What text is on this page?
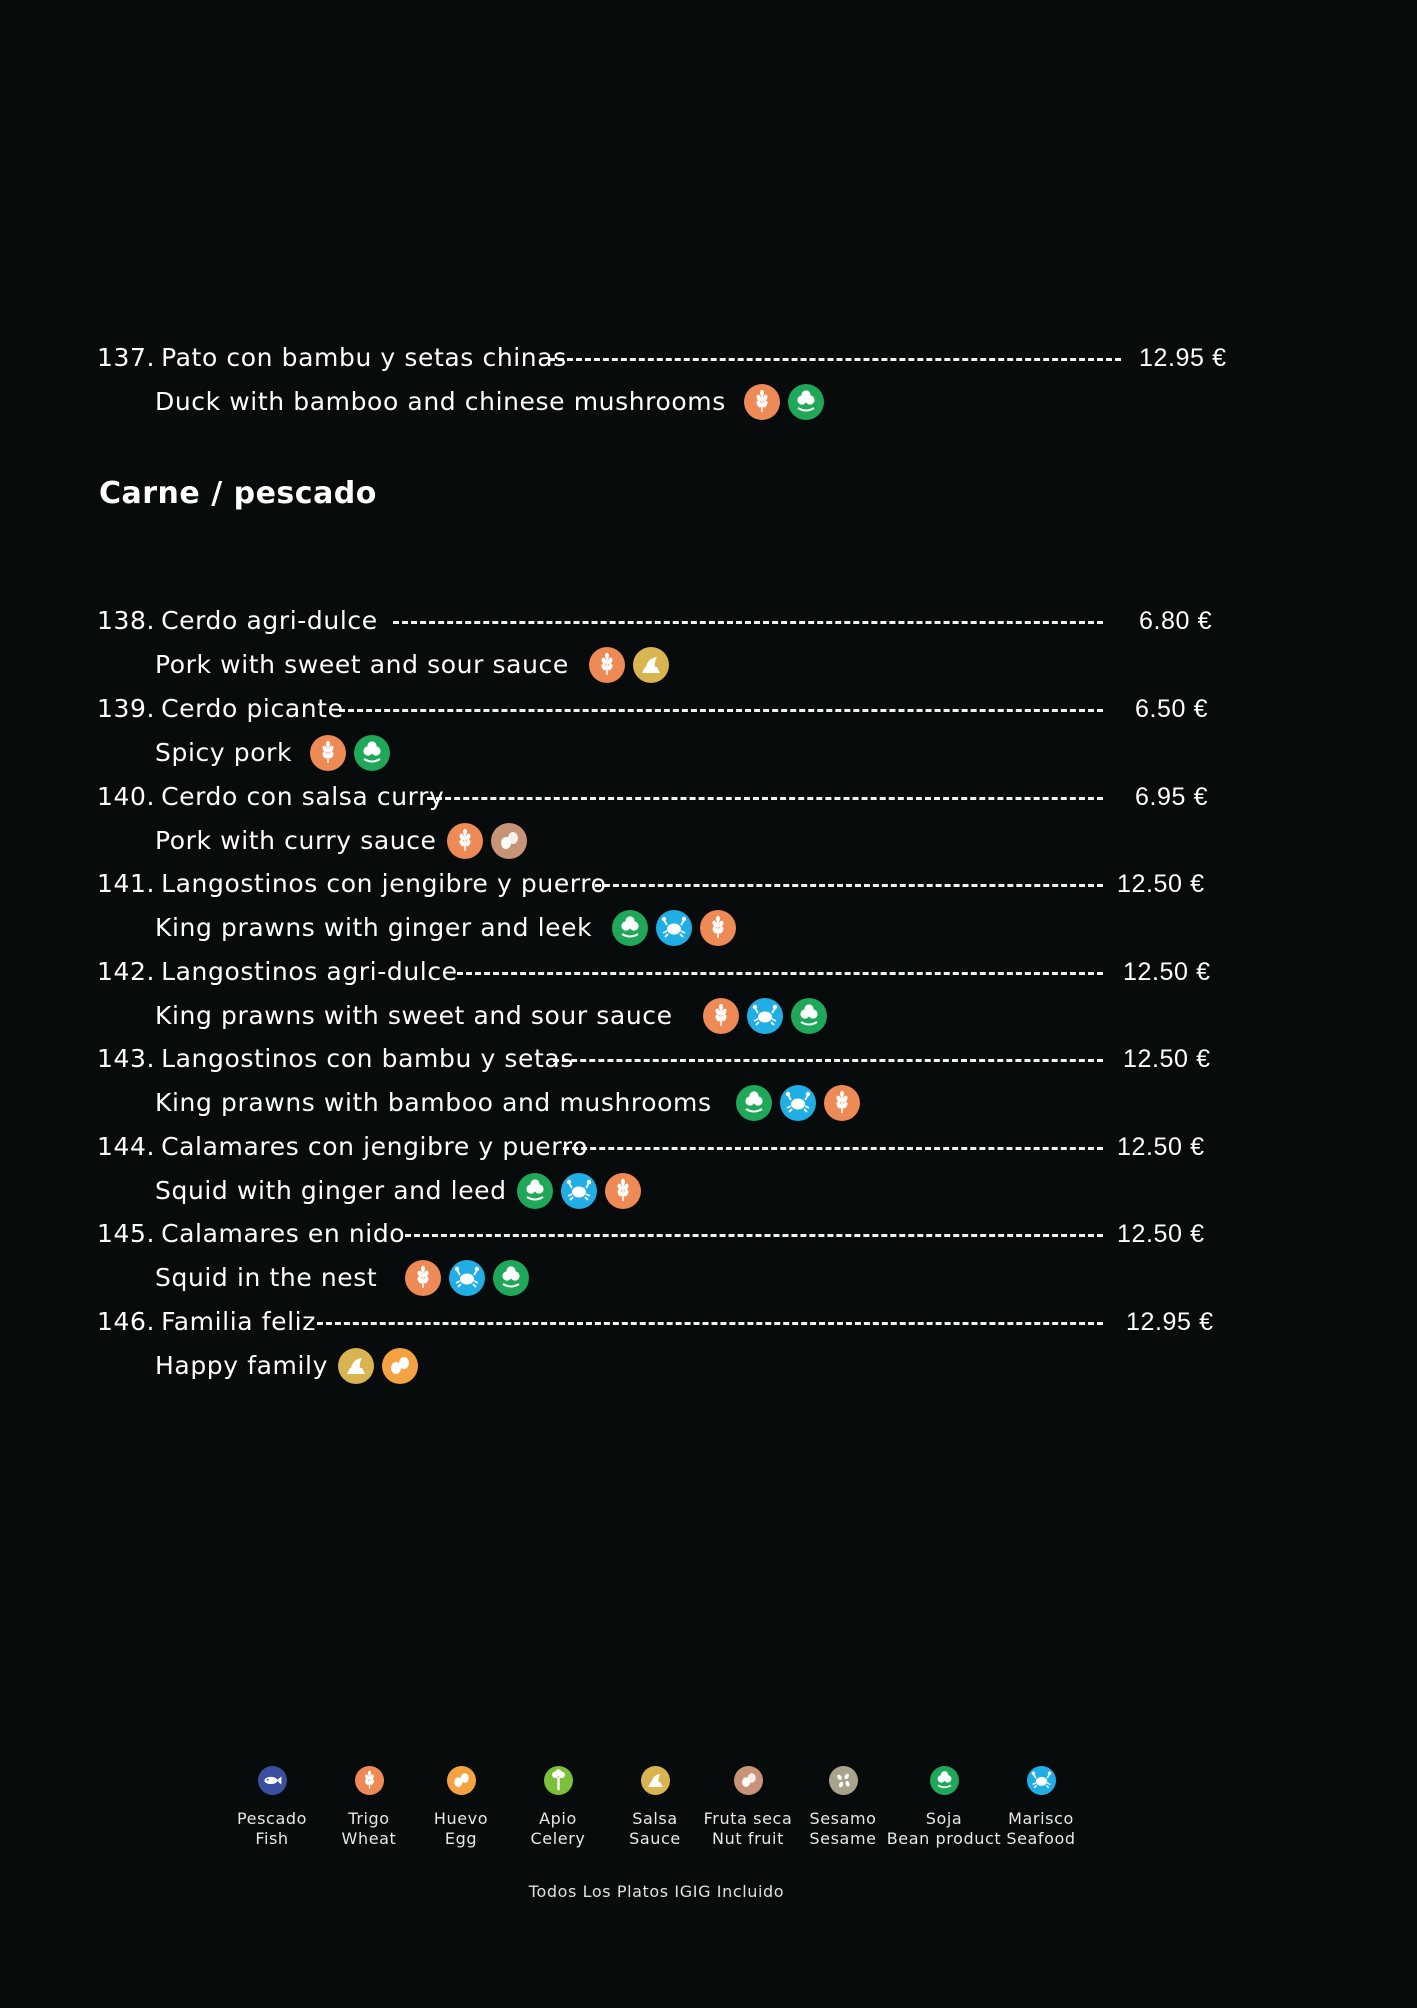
137. Pato con bambu y setas chinas	12.95 €
Duck with bamboo and chinese mushrooms
Carne / pescado
138. Cerdo agri-dulce	6.80 €
Pork with sweet and sour sauce
139. Cerdo picante	6.50 €
Spicy pork
140. Cerdo con salsa curry	6.95 €
Pork with curry sauce
141. Langostinos con jengibre y puerro	12.50 €
King prawns with ginger and leek
142. Langostinos agri-dulce	12.50 €
King prawns with sweet and sour sauce
143. Langostinos con bambu y setas	12.50 €
King prawns with bamboo and mushrooms
144. Calamares con jengibre y puerro	12.50 €
Squid with ginger and leed
145. Calamares en nido	12.50 €
Squid in the nest
146. Familia feliz	12.95 €
Happy family
Pescado
Fish
Trigo
Wheat
Huevo
Egg
Apio
Celery
Salsa
Sauce
Fruta seca
Nut fruit
Sesamo
Sesame
Soja
Bean product
Marisco
Seafood
Todos Los Platos IGIG Incluido
